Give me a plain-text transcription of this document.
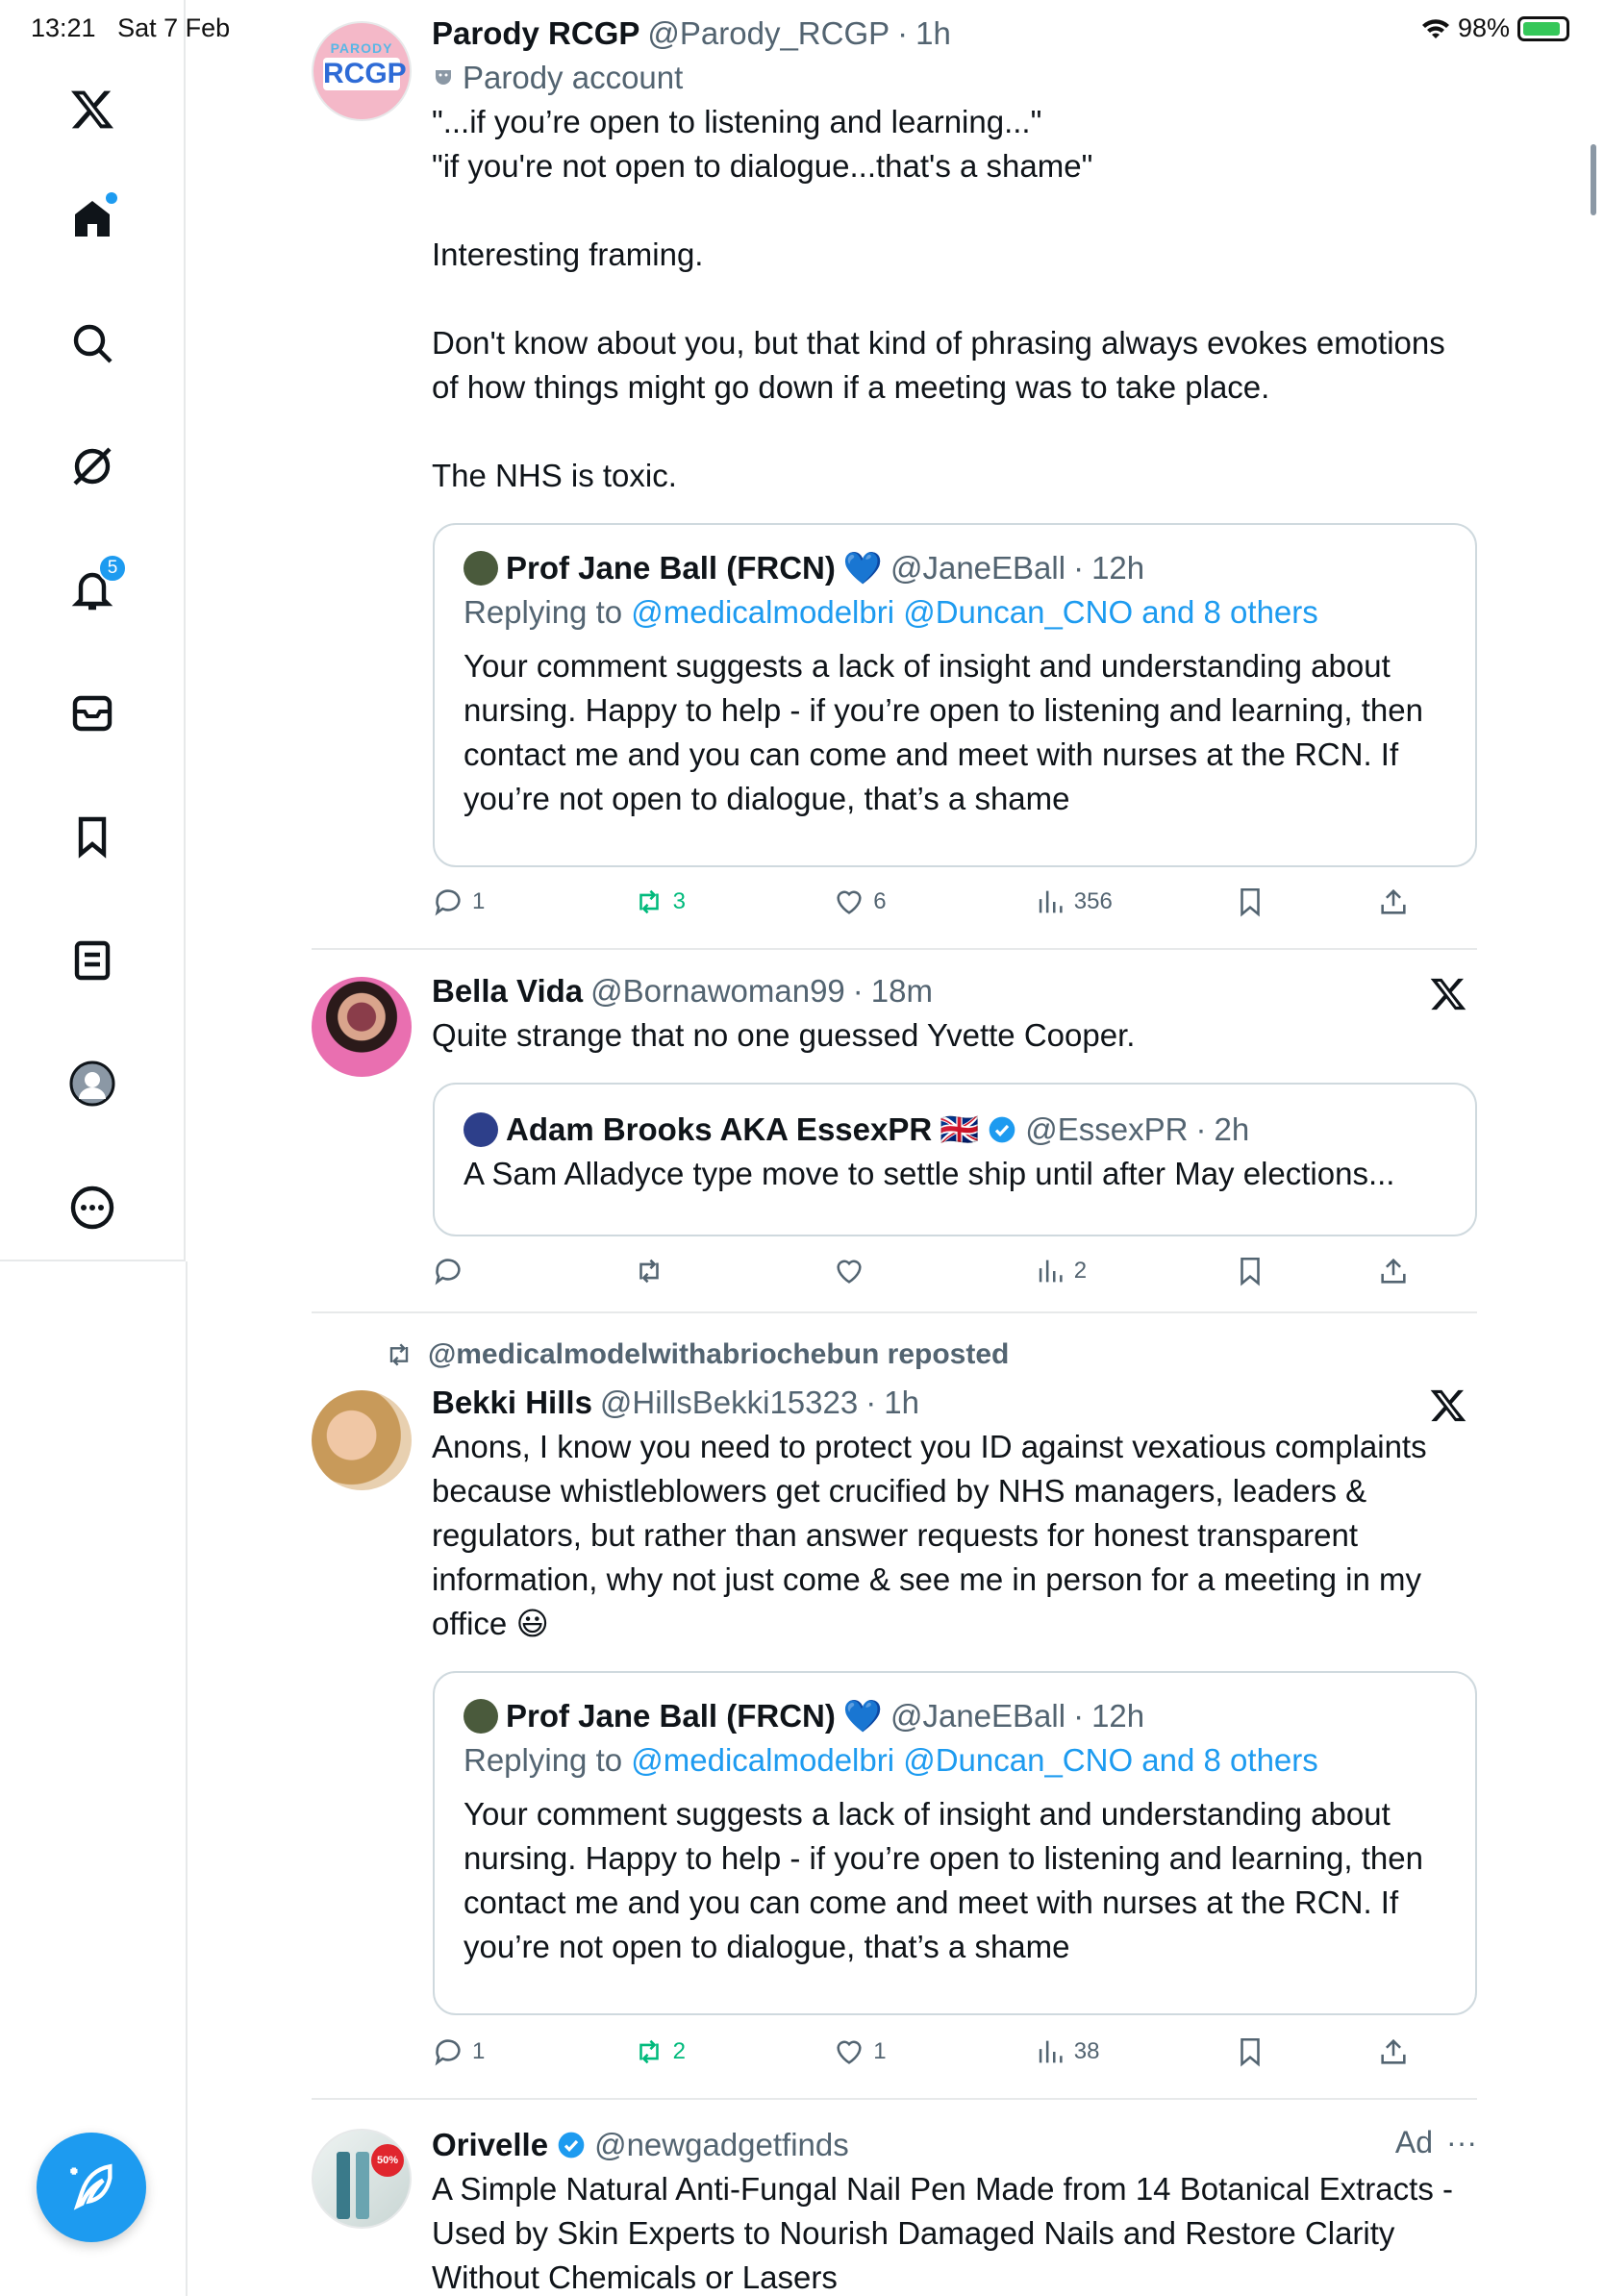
13:21 Sat 7 Feb	98%
5
PARODY
RCGP
Parody RCGP @Parody_RCGP · 1h
Parody account
"...if you’re open to listening and learning..."
"if you're not open to dialogue...that's a shame"

Interesting framing.

Don't know about you, but that kind of phrasing always evokes emotions of how things might go down if a meeting was to take place.

The NHS is toxic.
Prof Jane Ball (FRCN) 💙 @JaneEBall · 12h
Replying to @medicalmodelbri @Duncan_CNO and 8 others
Your comment suggests a lack of insight and understanding about nursing. Happy to help - if you’re open to listening and learning, then contact me and you can come and meet with nurses at the RCN. If you’re not open to dialogue, that’s a shame
1	3	6	356
Bella Vida @Bornawoman99 · 18m
Quite strange that no one guessed Yvette Cooper.
Adam Brooks AKA EssexPR 🇬🇧 @EssexPR · 2h
A Sam Alladyce type move to settle ship until after May elections...
2
@medicalmodelwithabriochebun reposted
Bekki Hills @HillsBekki15323 · 1h
Anons, I know you need to protect you ID against vexatious complaints because whistleblowers get crucified by NHS managers, leaders & regulators, but rather than answer requests for honest transparent information, why not just come & see me in person for a meeting in my office 😃
Prof Jane Ball (FRCN) 💙 @JaneEBall · 12h
Replying to @medicalmodelbri @Duncan_CNO and 8 others
Your comment suggests a lack of insight and understanding about nursing. Happy to help - if you’re open to listening and learning, then contact me and you can come and meet with nurses at the RCN. If you’re not open to dialogue, that’s a shame
1	2	1	38
50%
Ad ···
Orivelle @newgadgetfinds
A Simple Natural Anti-Fungal Nail Pen Made from 14 Botanical Extracts - Used by Skin Experts to Nourish Damaged Nails and Restore Clarity Without Chemicals or Lasers
